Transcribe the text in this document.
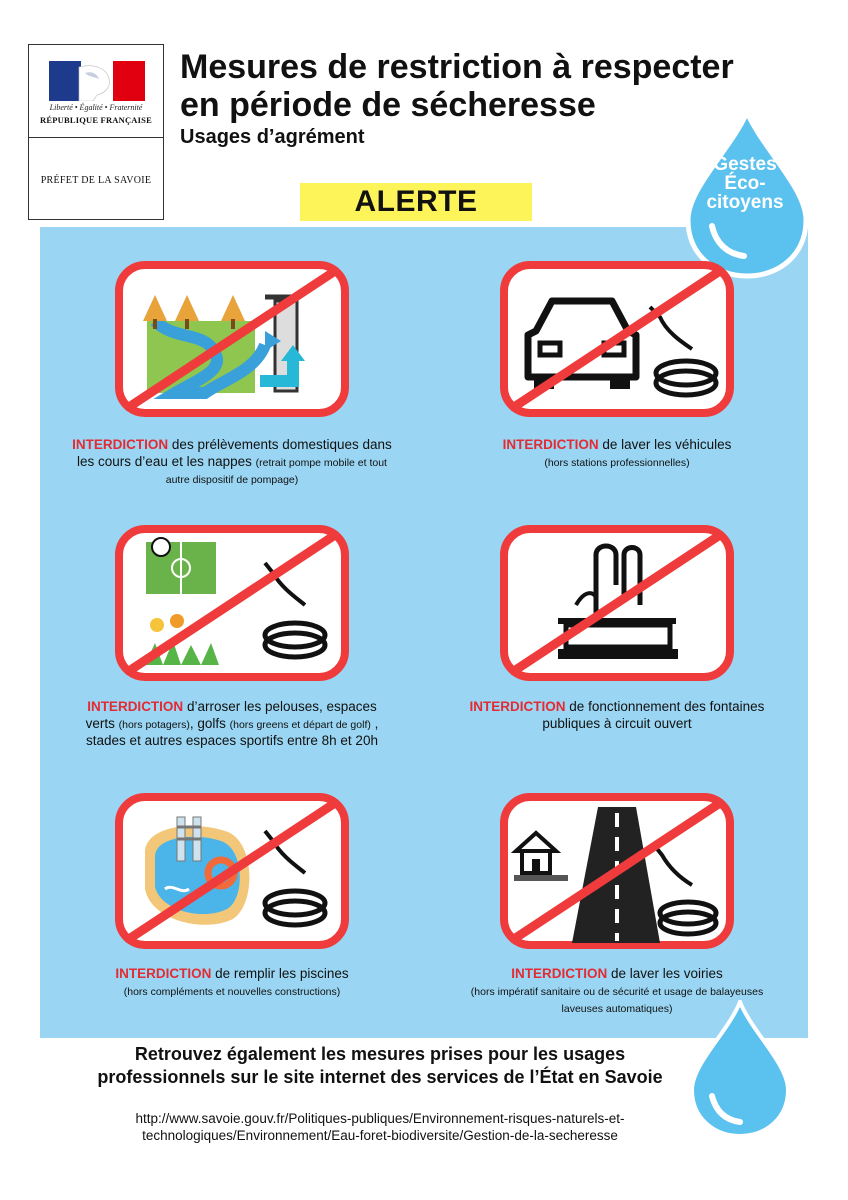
Liberté • Égalité • Fraternité
RÉPUBLIQUE FRANÇAISE
PRÉFET DE LA SAVOIE
Mesures de restriction à respecter
en période de sécheresse
Usages d’agrément
ALERTE
Gestes
Éco-
citoyens
INTERDICTION des prélèvements domestiques dans les cours d’eau et les nappes (retrait pompe mobile et tout autre dispositif de pompage)
INTERDICTION de laver les véhicules
(hors stations professionnelles)
INTERDICTION d’arroser les pelouses, espaces verts (hors potagers), golfs (hors greens et départ de golf) , stades et autres espaces sportifs entre 8h et 20h
INTERDICTION de fonctionnement des fontaines publiques à circuit ouvert
INTERDICTION de remplir les piscines
(hors compléments et nouvelles constructions)
INTERDICTION de laver les voiries
(hors impératif sanitaire ou de sécurité et usage de balayeuses laveuses automatiques)
Retrouvez également les mesures prises pour les usages
professionnels sur le site internet des services de l’État en Savoie
http://www.savoie.gouv.fr/Politiques-publiques/Environnement-risques-naturels-et-
technologiques/Environnement/Eau-foret-biodiversite/Gestion-de-la-secheresse
